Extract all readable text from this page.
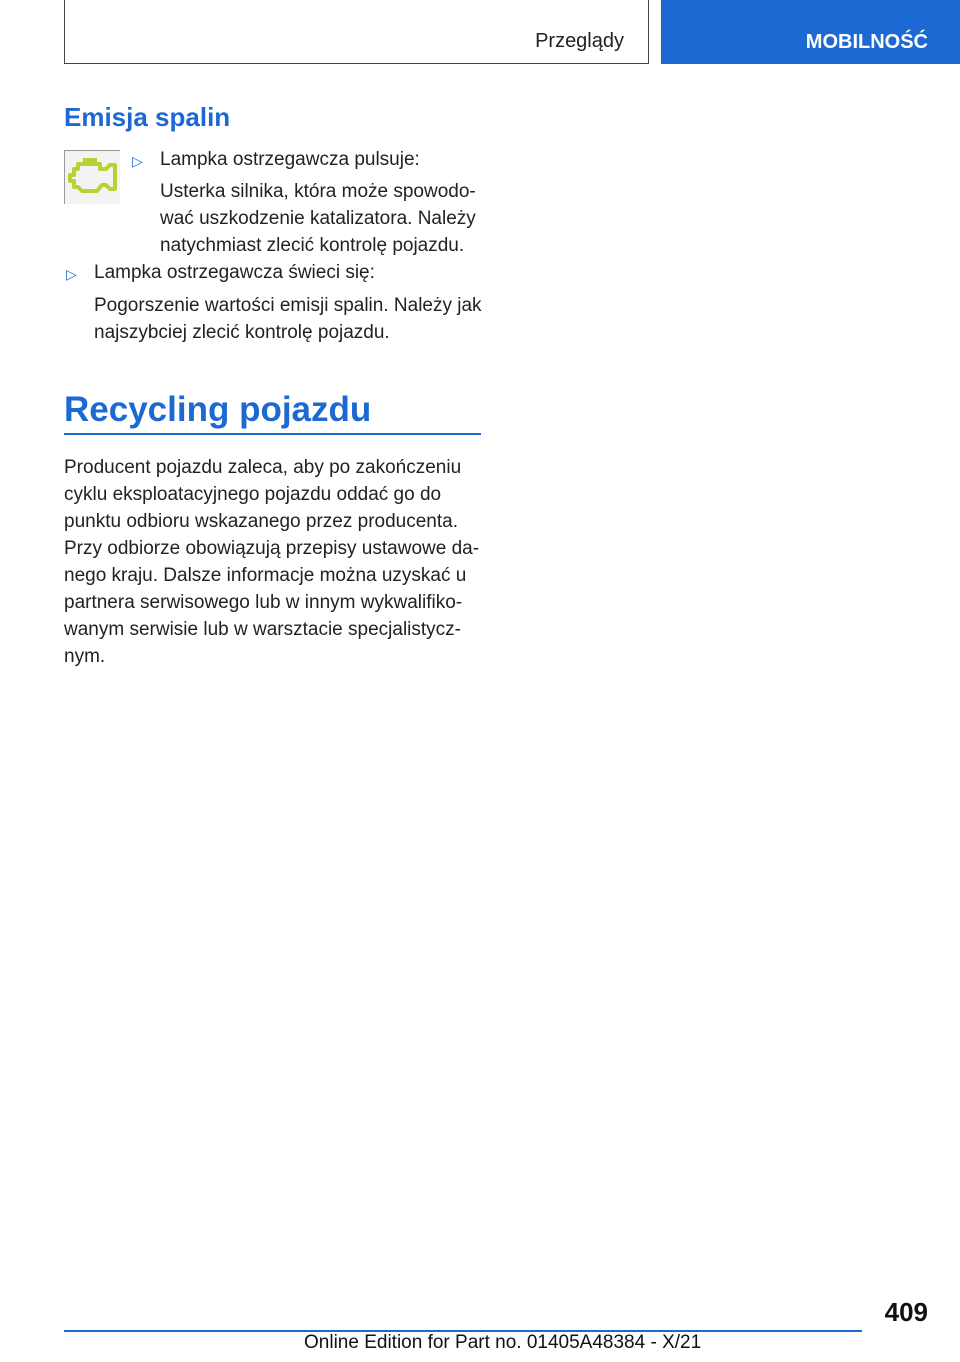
Przeglądy	MOBILNOŚĆ
Emisja spalin
▷ Lampka ostrzegawcza pulsuje:
Usterka silnika, która może spowodo-
wać uszkodzenie katalizatora. Należy
natychmiast zlecić kontrolę pojazdu.
▷ Lampka ostrzegawcza świeci się:
Pogorszenie wartości emisji spalin. Należy jak
najszybciej zlecić kontrolę pojazdu.
Recycling pojazdu
Producent pojazdu zaleca, aby po zakończeniu
cyklu eksploatacyjnego pojazdu oddać go do
punktu odbioru wskazanego przez producenta.
Przy odbiorze obowiązują przepisy ustawowe da-
nego kraju. Dalsze informacje można uzyskać u
partnera serwisowego lub w innym wykwalifiko-
wanym serwisie lub w warsztacie specjalistycz-
nym.
409
Online Edition for Part no. 01405A48384 - X/21
